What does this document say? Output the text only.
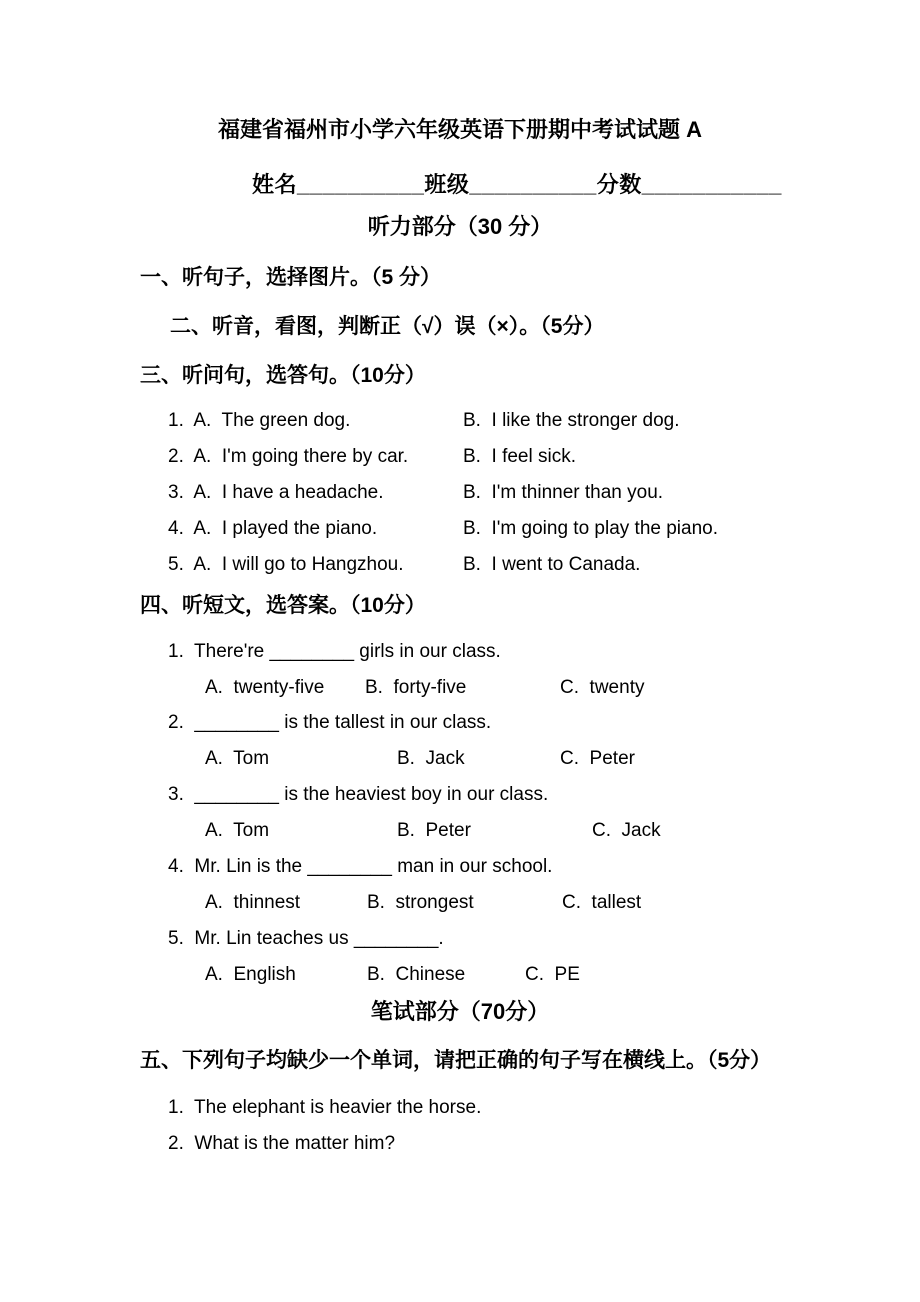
福建省福州市小学六年级英语下册期中考试试题 A
姓名__________班级__________分数___________
听力部分（30 分）
一、听句子，选择图片。（5 分）
二、听音，看图，判断正（√）误（×）。（5分）
三、听问句，选答句。（10分）
1.  A.  The green dog.	B.  I like the stronger dog.
2.  A.  I'm going there by car.	B.  I feel sick.
3.  A.  I have a headache.	B.  I'm thinner than you.
4.  A.  I played the piano.	B.  I'm going to play the piano.
5.  A.  I will go to Hangzhou.	B.  I went to Canada.
四、听短文，选答案。（10分）
1.  There're ________ girls in our class.
A.  twenty-five B.  forty-five	C.  twenty
2.  ________ is the tallest in our class.
A.  Tom	B.  Jack	C.  Peter
3.  ________ is the heaviest boy in our class.
A.  Tom	B.  Peter	C.  Jack
4.  Mr. Lin is the ________ man in our school.
A.  thinnest	B.  strongest	C.  tallest
5.  Mr. Lin teaches us ________.
A.  English	B.  Chinese	C.  PE
笔试部分（70分）
五、下列句子均缺少一个单词，请把正确的句子写在横线上。（5分）
1.  The elephant is heavier the horse.
2.  What is the matter him?
